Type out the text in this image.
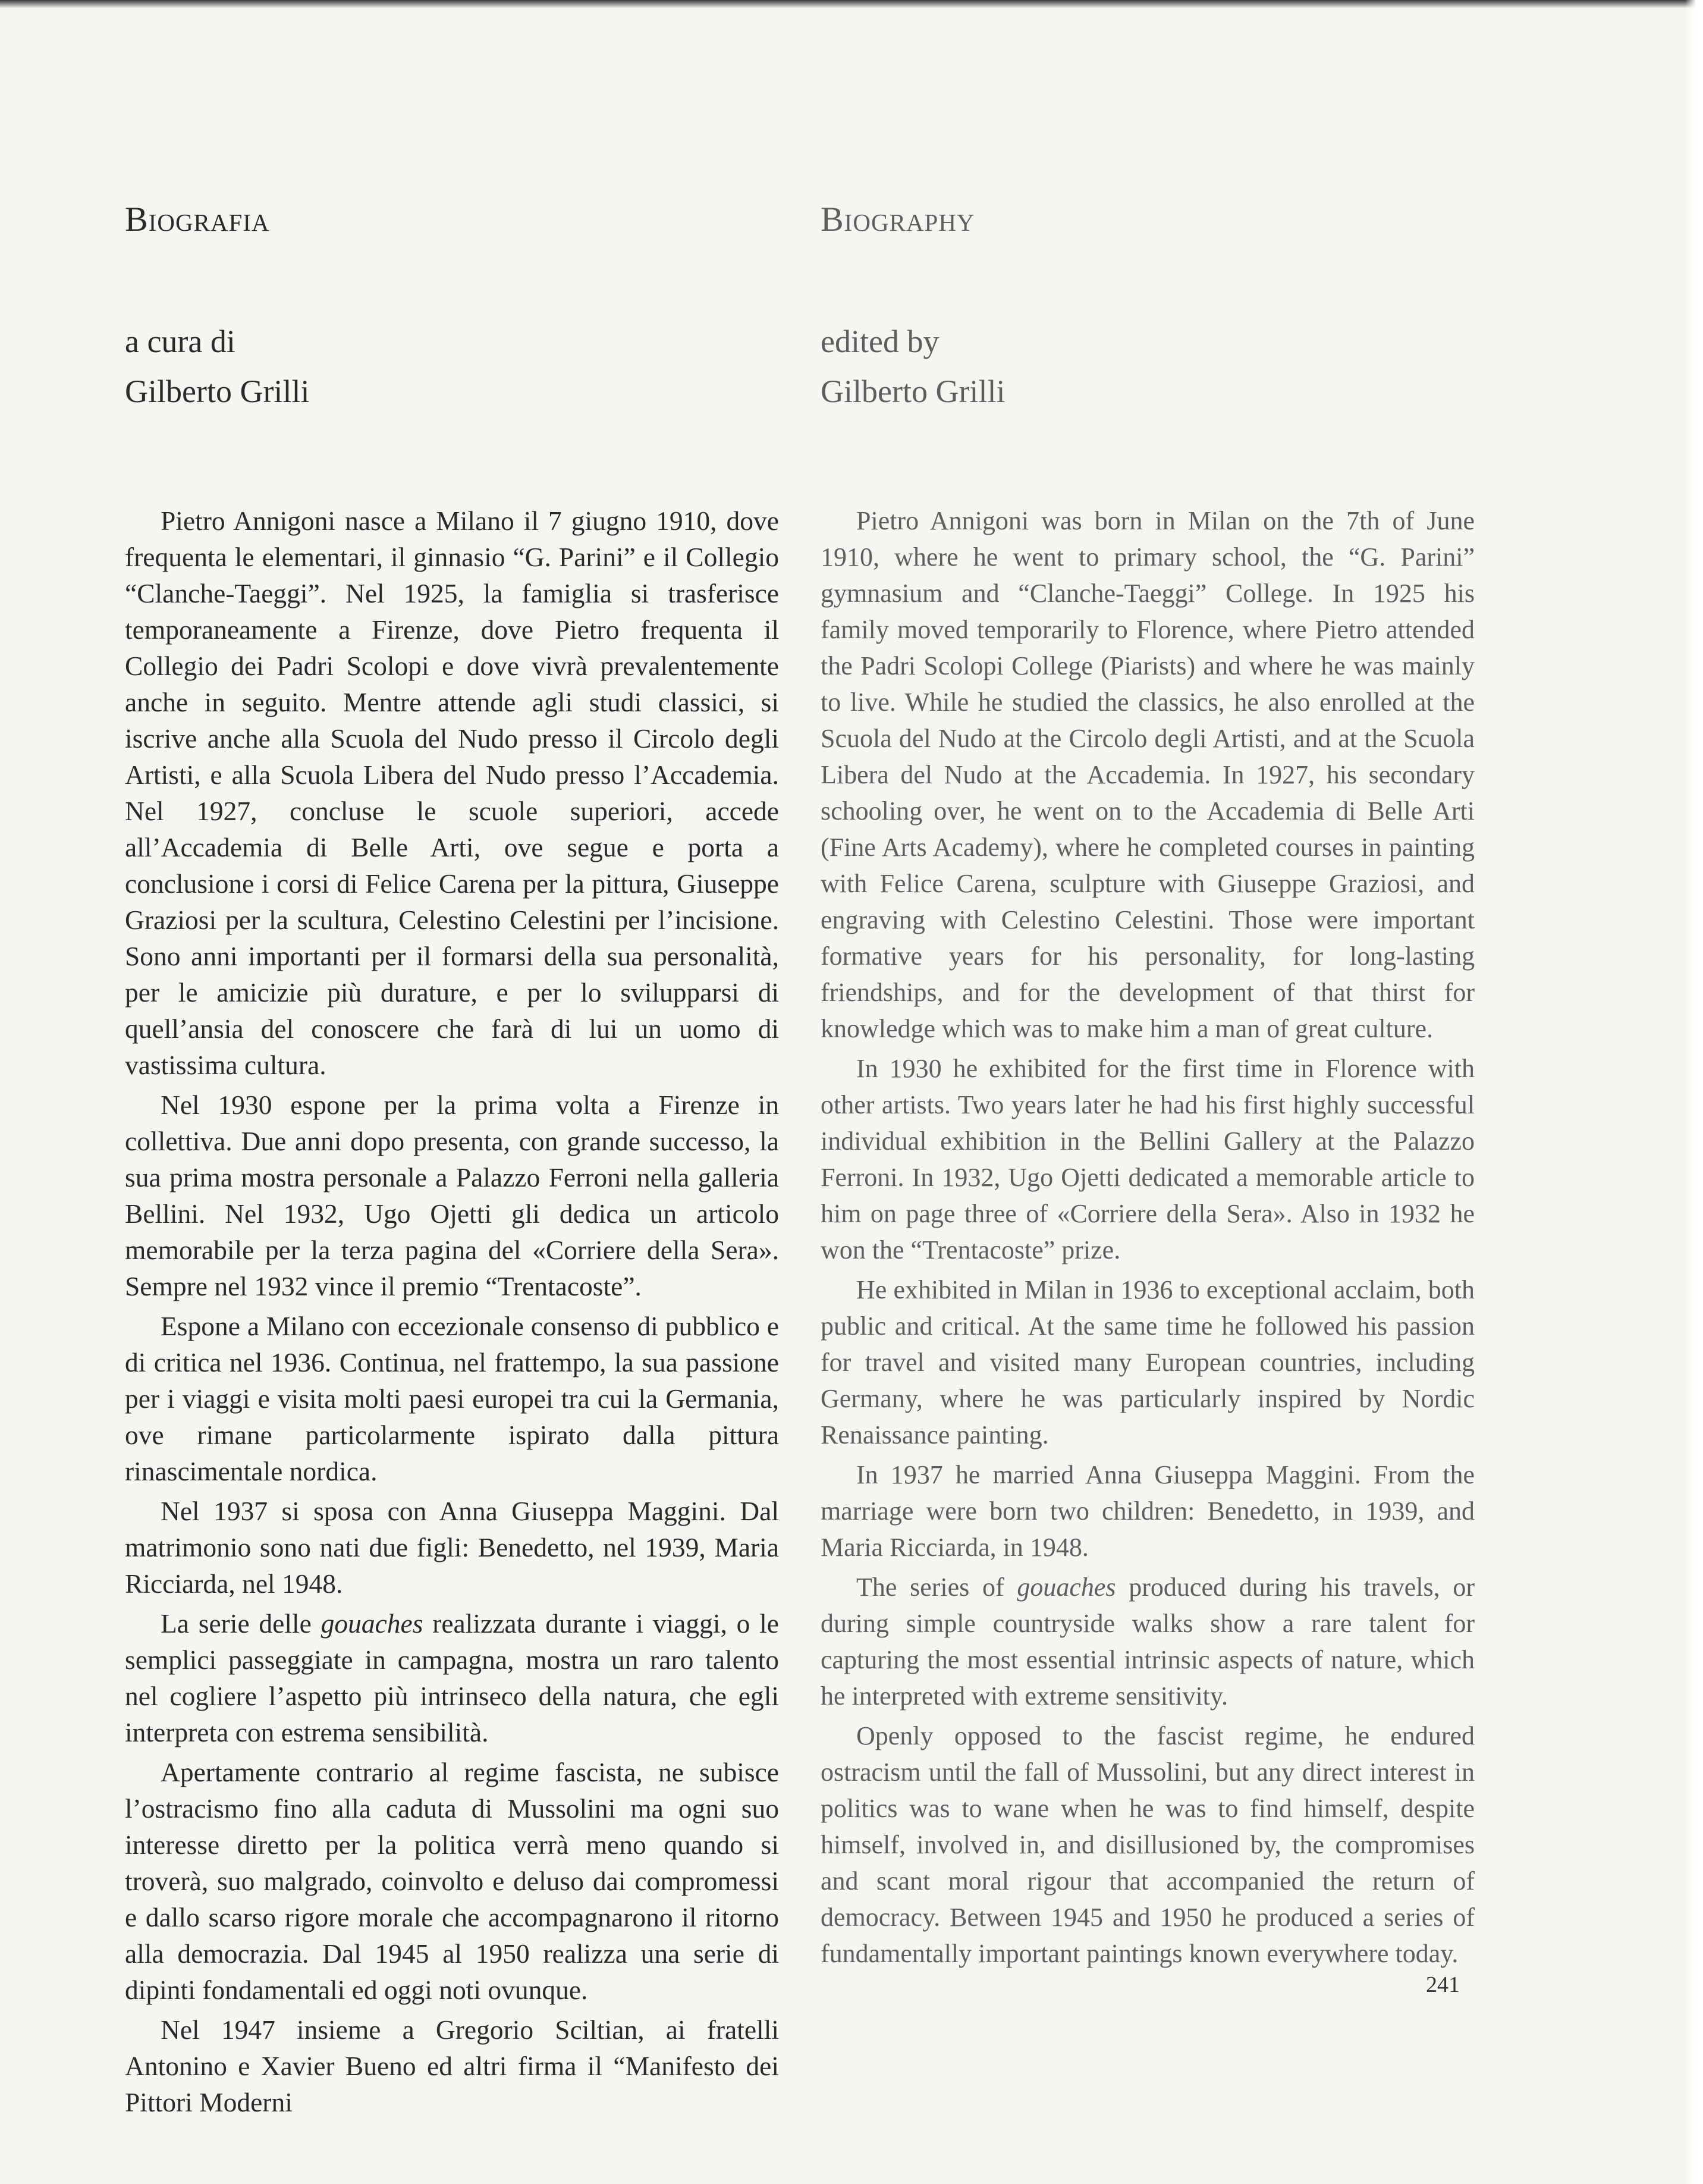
Biografia
a cura di
Gilberto Grilli

Pietro Annigoni nasce a Milano il 7 giugno 1910, dove frequenta le elementari, il ginnasio “G. Parini” e il Collegio “Clanche-Taeggi”. Nel 1925, la famiglia si trasferisce temporaneamente a Firenze, dove Pietro frequenta il Collegio dei Padri Scolopi e dove vivrà prevalentemente anche in seguito. Mentre attende agli studi classici, si iscrive anche alla Scuola del Nudo presso il Circolo degli Artisti, e alla Scuola Libera del Nudo presso l’Accademia. Nel 1927, concluse le scuole superiori, accede all’Accademia di Belle Arti, ove segue e porta a conclusione i corsi di Felice Carena per la pittura, Giuseppe Graziosi per la scultura, Celestino Celestini per l’incisione. Sono anni importanti per il formarsi della sua personalità, per le amicizie più durature, e per lo svilupparsi di quell’ansia del conoscere che farà di lui un uomo di vastissima cultura.

Nel 1930 espone per la prima volta a Firenze in collettiva. Due anni dopo presenta, con grande successo, la sua prima mostra personale a Palazzo Ferroni nella galleria Bellini. Nel 1932, Ugo Ojetti gli dedica un articolo memorabile per la terza pagina del «Corriere della Sera». Sempre nel 1932 vince il premio “Trentacoste”.

Espone a Milano con eccezionale consenso di pubblico e di critica nel 1936. Continua, nel frattempo, la sua passione per i viaggi e visita molti paesi europei tra cui la Germania, ove rimane particolarmente ispirato dalla pittura rinascimentale nordica.

Nel 1937 si sposa con Anna Giuseppa Maggini. Dal matrimonio sono nati due figli: Benedetto, nel 1939, Maria Ricciarda, nel 1948.

La serie delle gouaches realizzata durante i viaggi, o le semplici passeggiate in campagna, mostra un raro talento nel cogliere l’aspetto più intrinseco della natura, che egli interpreta con estrema sensibilità.

Apertamente contrario al regime fascista, ne subisce l’ostracismo fino alla caduta di Mussolini ma ogni suo interesse diretto per la politica verrà meno quando si troverà, suo malgrado, coinvolto e deluso dai compromessi e dallo scarso rigore morale che accompagnarono il ritorno alla democrazia. Dal 1945 al 1950 realizza una serie di dipinti fondamentali ed oggi noti ovunque.

Nel 1947 insieme a Gregorio Sciltian, ai fratelli Antonino e Xavier Bueno ed altri firma il “Manifesto dei Pittori Moderni

Biography
edited by
Gilberto Grilli

Pietro Annigoni was born in Milan on the 7th of June 1910, where he went to primary school, the “G. Parini” gymnasium and “Clanche-Taeggi” College. In 1925 his family moved temporarily to Florence, where Pietro attended the Padri Scolopi College (Piarists) and where he was mainly to live. While he studied the classics, he also enrolled at the Scuola del Nudo at the Circolo degli Artisti, and at the Scuola Libera del Nudo at the Accademia. In 1927, his secondary schooling over, he went on to the Accademia di Belle Arti (Fine Arts Academy), where he completed courses in painting with Felice Carena, sculpture with Giuseppe Graziosi, and engraving with Celestino Celestini. Those were important formative years for his personality, for long-lasting friendships, and for the development of that thirst for knowledge which was to make him a man of great culture.

In 1930 he exhibited for the first time in Florence with other artists. Two years later he had his first highly successful individual exhibition in the Bellini Gallery at the Palazzo Ferroni. In 1932, Ugo Ojetti dedicated a memorable article to him on page three of «Corriere della Sera». Also in 1932 he won the “Trentacoste” prize.

He exhibited in Milan in 1936 to exceptional acclaim, both public and critical. At the same time he followed his passion for travel and visited many European countries, including Germany, where he was particularly inspired by Nordic Renaissance painting.

In 1937 he married Anna Giuseppa Maggini. From the marriage were born two children: Benedetto, in 1939, and Maria Ricciarda, in 1948.

The series of gouaches produced during his travels, or during simple countryside walks show a rare talent for capturing the most essential intrinsic aspects of nature, which he interpreted with extreme sensitivity.

Openly opposed to the fascist regime, he endured ostracism until the fall of Mussolini, but any direct interest in politics was to wane when he was to find himself, despite himself, involved in, and disillusioned by, the compromises and scant moral rigour that accompanied the return of democracy. Between 1945 and 1950 he produced a series of fundamentally important paintings known everywhere today.

241
